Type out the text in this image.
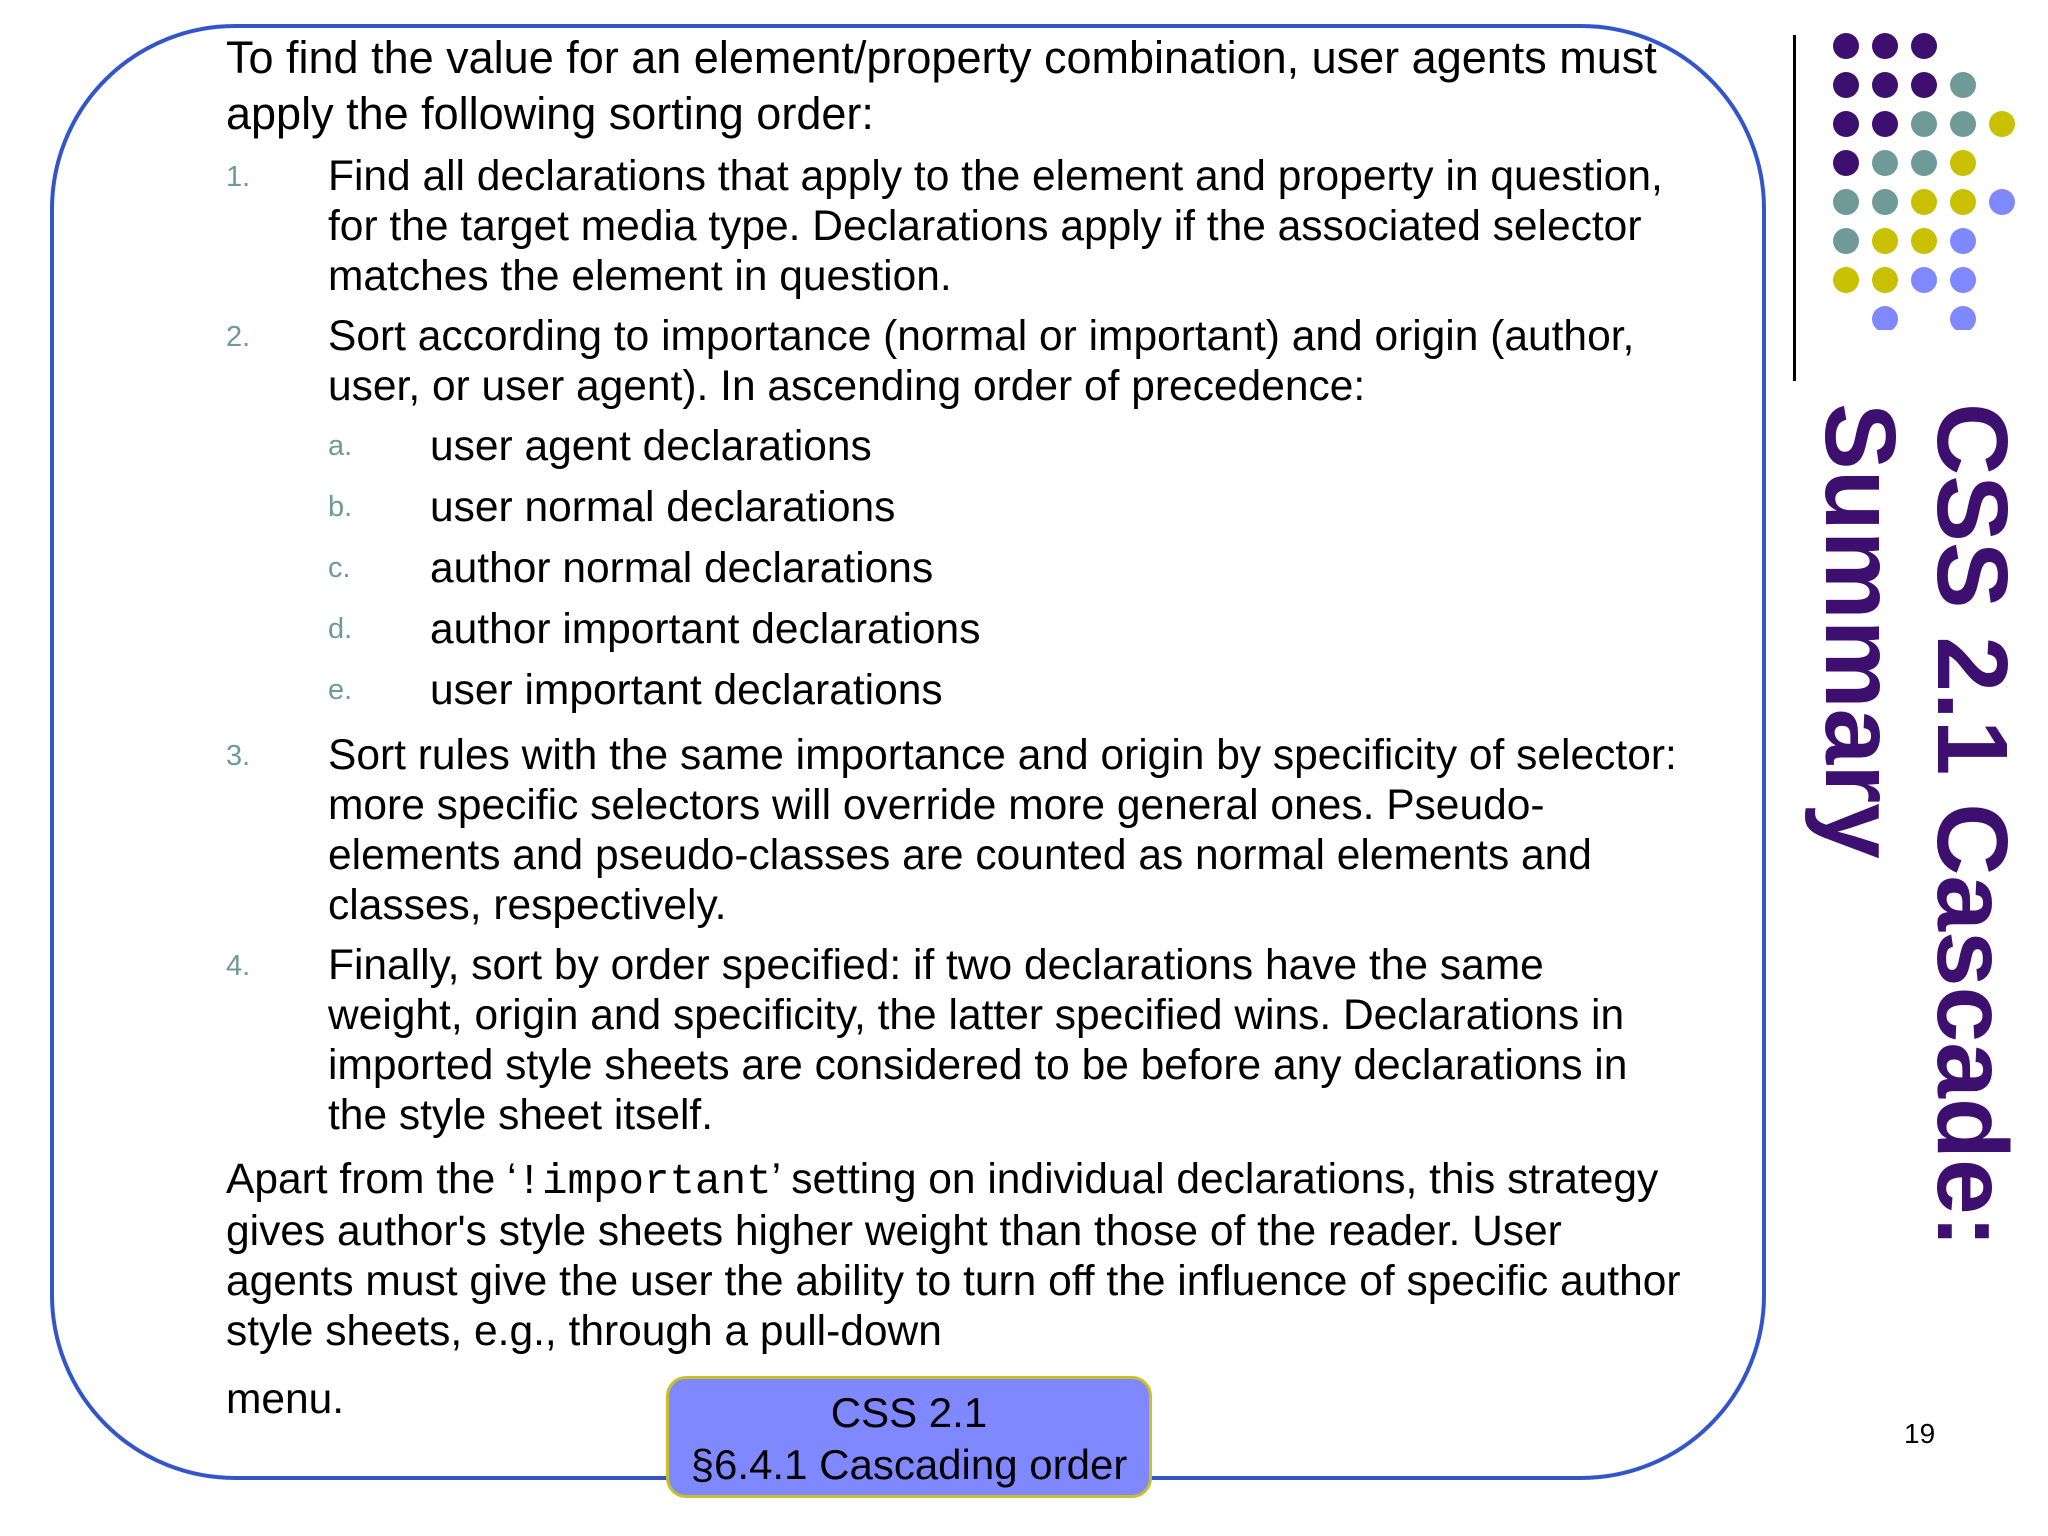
To find the value for an element/property combination, user agents must apply the following sorting order:

1.	Find all declarations that apply to the element and property in question, for the target media type. Declarations apply if the associated selector matches the element in question.
2.	Sort according to importance (normal or important) and origin (author, user, or user agent). In ascending order of precedence:
a.	user agent declarations
b.	user normal declarations
c.	author normal declarations
d.	author important declarations
e.	user important declarations
3.	Sort rules with the same importance and origin by specificity of selector: more specific selectors will override more general ones. Pseudo-elements and pseudo-classes are counted as normal elements and classes, respectively.
4.	Finally, sort by order specified: if two declarations have the same weight, origin and specificity, the latter specified wins. Declarations in imported style sheets are considered to be before any declarations in the style sheet itself.

Apart from the ‘!important’ setting on individual declarations, this strategy gives author's style sheets higher weight than those of the reader. User agents must give the user the ability to turn off the influence of specific author style sheets, e.g., through a pull-down

menu.	CSS 2.1
§6.4.1 Cascading order
CSS 2.1 Cascade:
Summary
19
